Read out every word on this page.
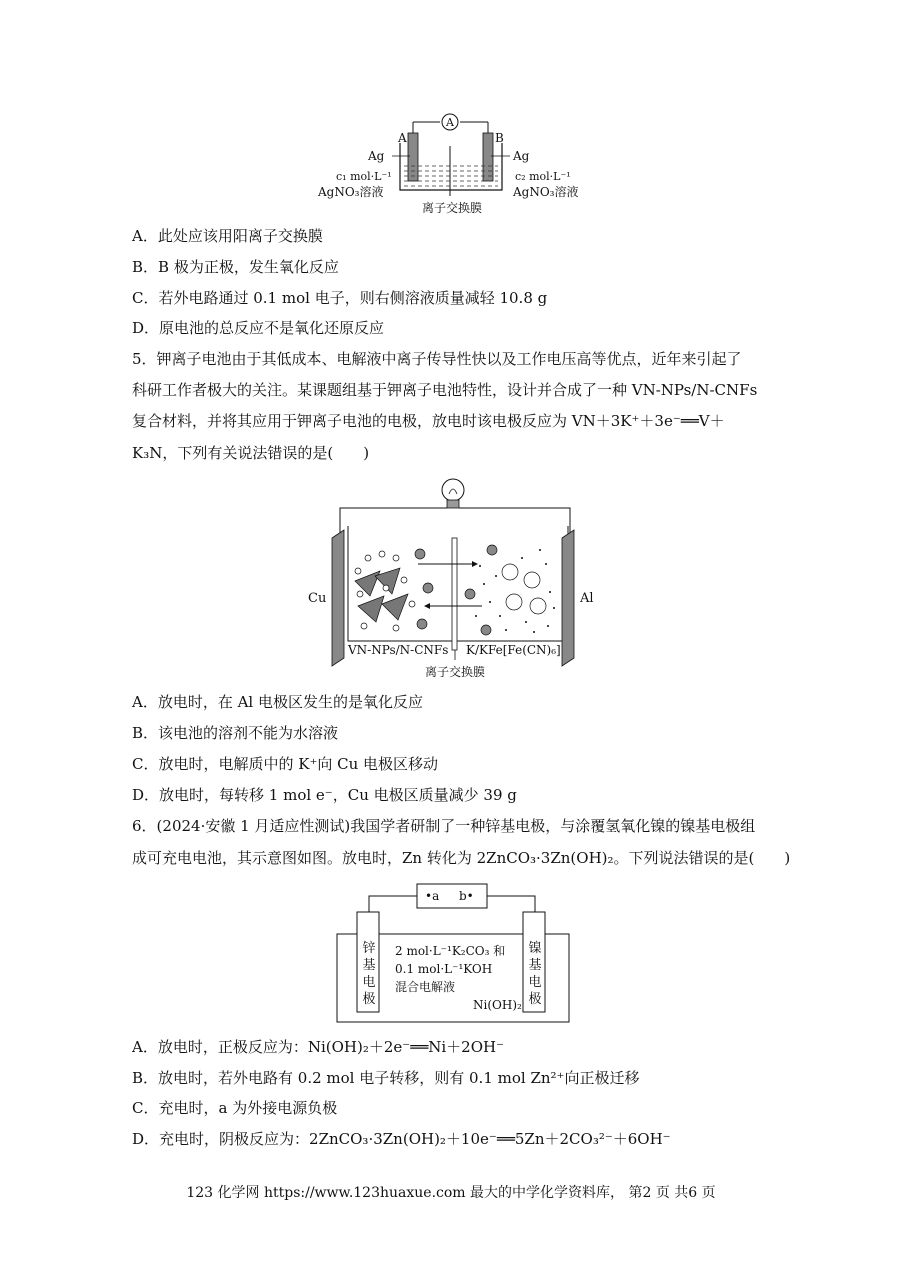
A
A	B
Ag	Ag
c₁ mol·L⁻¹	c₂ mol·L⁻¹
AgNO₃溶液	AgNO₃溶液
离子交换膜
A．此处应该用阳离子交换膜
B．B 极为正极，发生氧化反应
C．若外电路通过 0.1 mol 电子，则右侧溶液质量减轻 10.8 g
D．原电池的总反应不是氧化还原反应
5．钾离子电池由于其低成本、电解液中离子传导性快以及工作电压高等优点，近年来引起了
科研工作者极大的关注。某课题组基于钾离子电池特性，设计并合成了一种 VN-NPs/N-CNFs
复合材料，并将其应用于钾离子电池的电极，放电时该电极反应为 VN＋3K⁺＋3e⁻══V＋
K₃N，下列有关说法错误的是(　　)
Cu	Al
VN-NPs/N-CNFs K/KFe[Fe(CN)₆]
离子交换膜
A．放电时，在 Al 电极区发生的是氧化反应
B．该电池的溶剂不能为水溶液
C．放电时，电解质中的 K⁺向 Cu 电极区移动
D．放电时，每转移 1 mol e⁻，Cu 电极区质量减少 39 g
6．(2024·安徽 1 月适应性测试)我国学者研制了一种锌基电极，与涂覆氢氧化镍的镍基电极组
成可充电电池，其示意图如图。放电时，Zn 转化为 2ZnCO₃·3Zn(OH)₂。下列说法错误的是(　　)
•a b•
锌
基
电
极
镍
基
电
极
2 mol·L⁻¹K₂CO₃ 和
0.1 mol·L⁻¹KOH
混合电解液
Ni(OH)₂
A．放电时，正极反应为：Ni(OH)₂＋2e⁻══Ni＋2OH⁻
B．放电时，若外电路有 0.2 mol 电子转移，则有 0.1 mol Zn²⁺向正极迁移
C．充电时，a 为外接电源负极
D．充电时，阴极反应为：2ZnCO₃·3Zn(OH)₂＋10e⁻══5Zn＋2CO₃²⁻＋6OH⁻
123 化学网 https://www.123huaxue.com 最大的中学化学资料库， 第2 页 共6 页
